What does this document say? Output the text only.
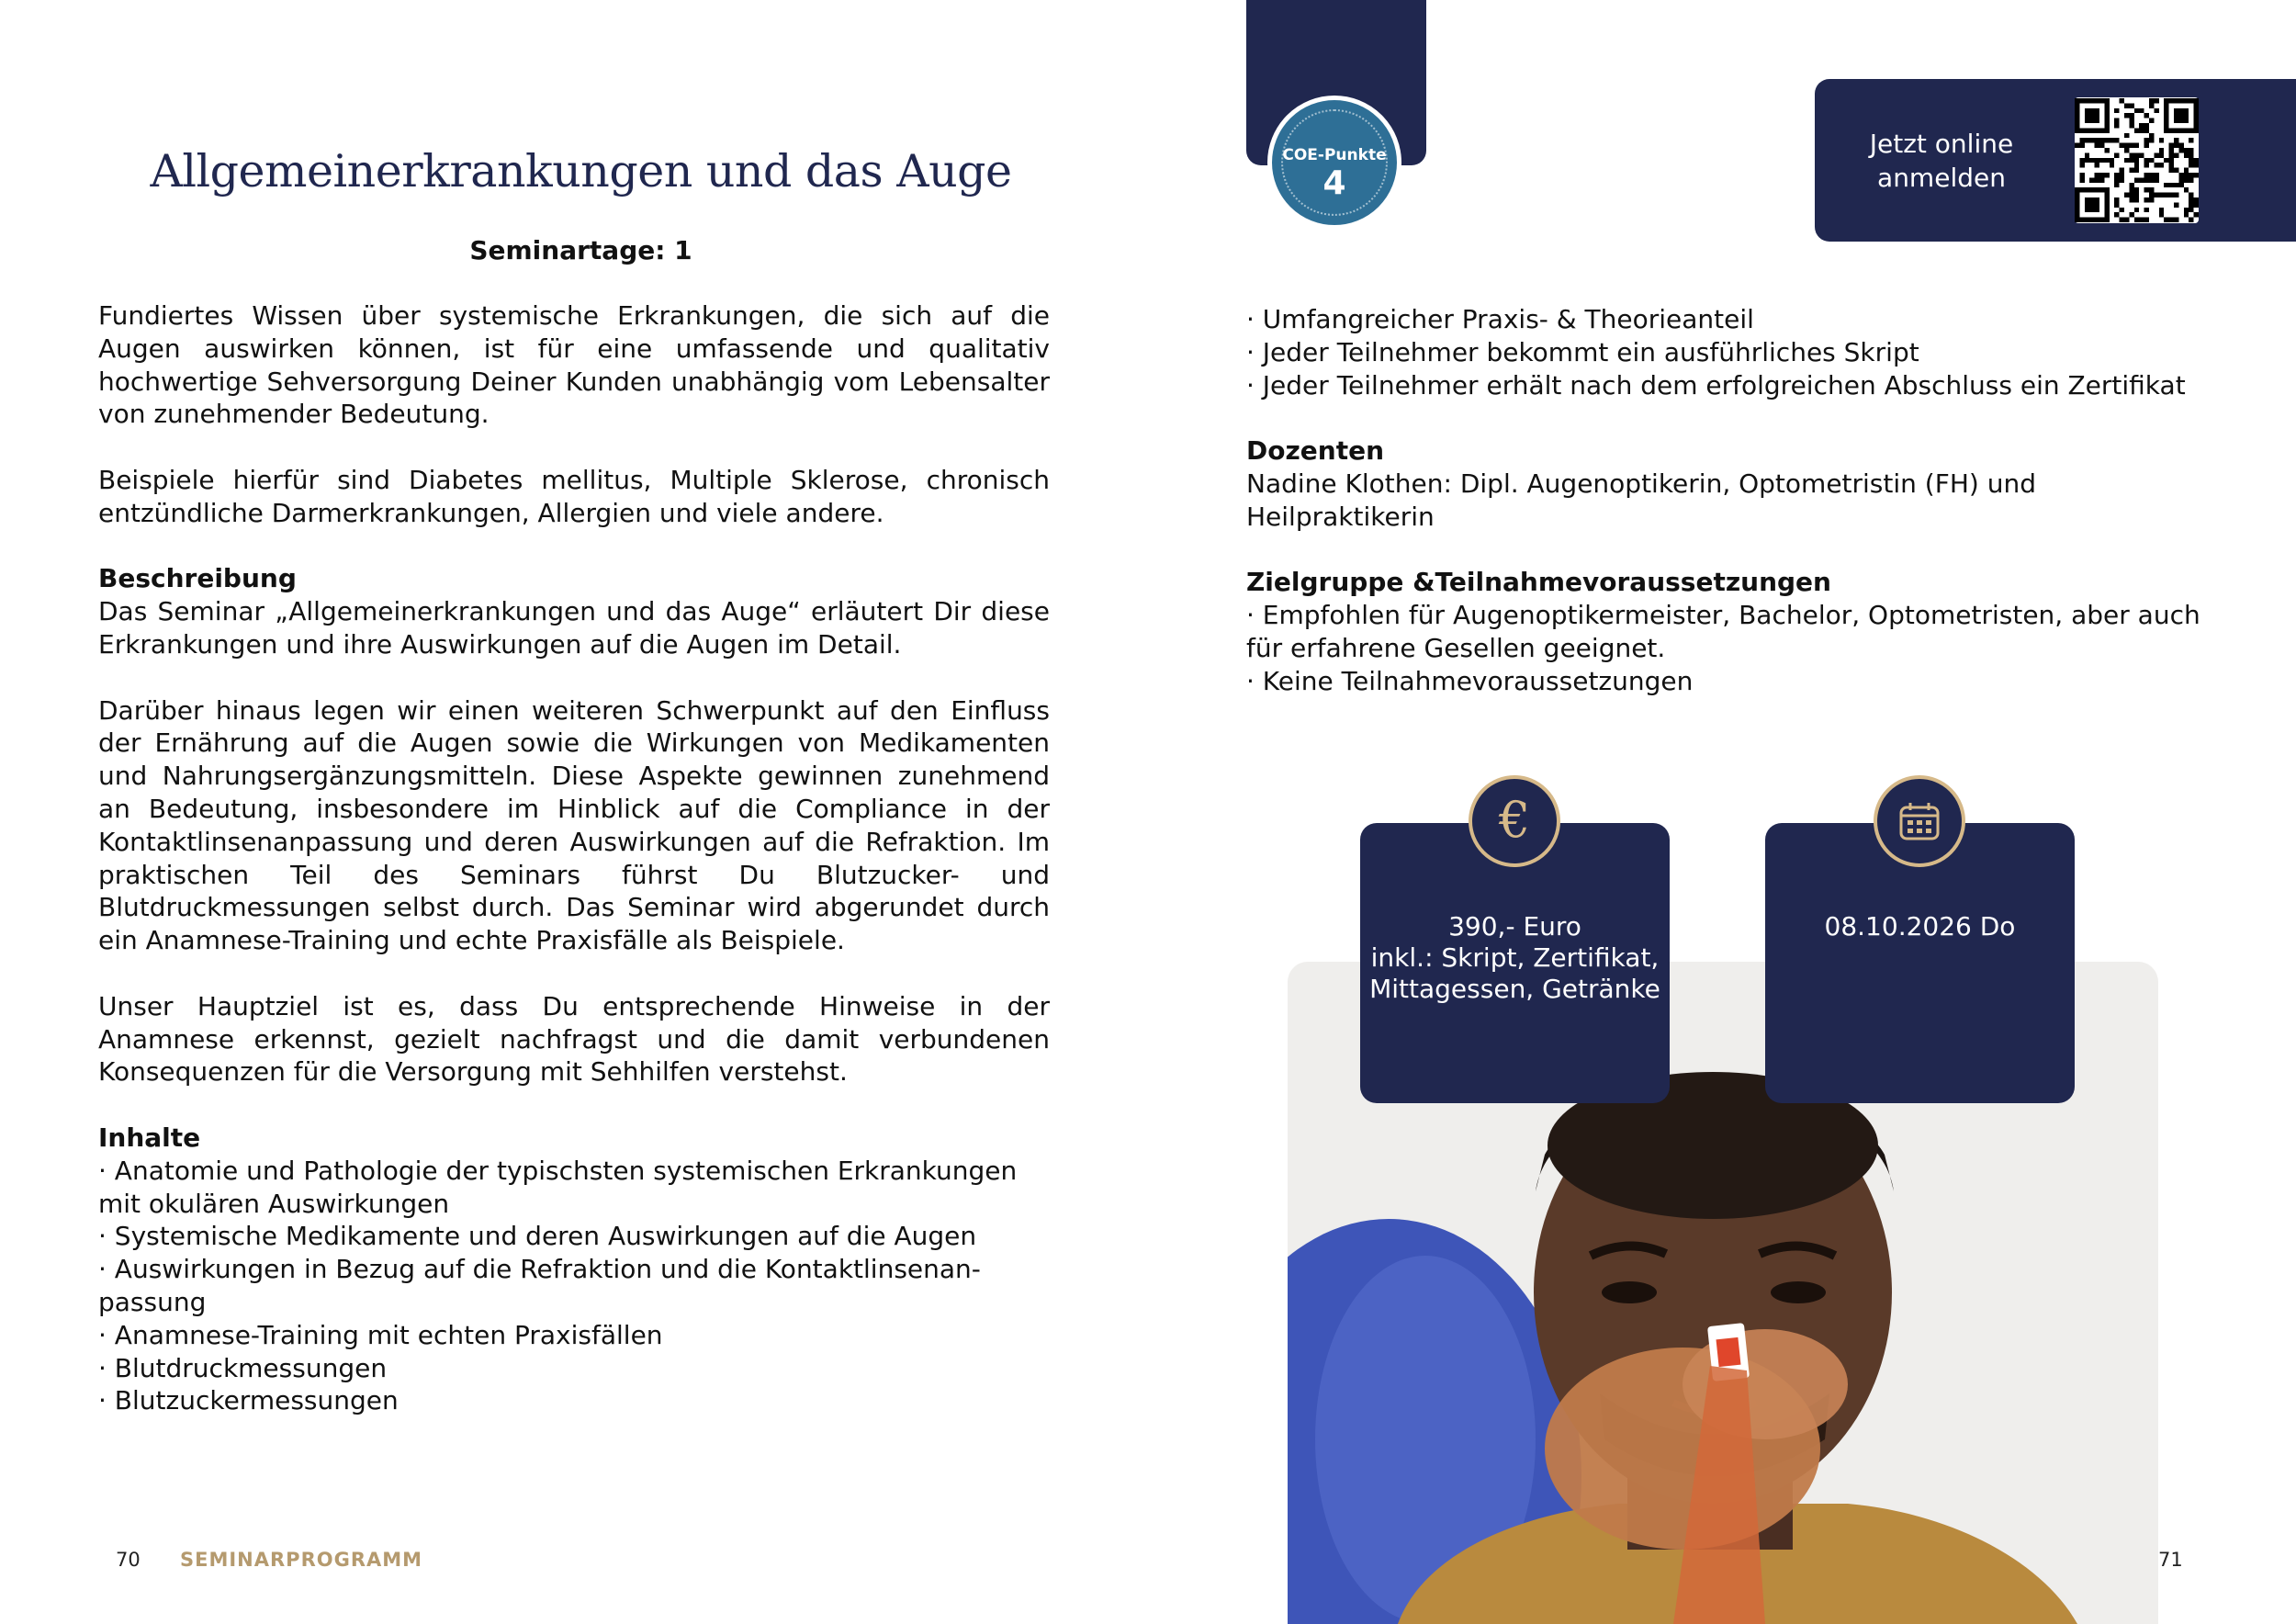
Allgemeinerkrankungen und das Auge
Seminartage: 1

Fundiertes Wissen über systemische Erkrankungen, die sich auf die Augen auswirken können, ist für eine umfassende und qualitativ hochwertige Sehversorgung Deiner Kunden unabhängig vom Lebensalter von zunehmender Bedeutung.

Beispiele hierfür sind Diabetes mellitus, Multiple Sklerose, chronisch entzündliche Darmerkrankungen, Allergien und viele andere.

Beschreibung

Das Seminar „Allgemeinerkrankungen und das Auge“ erläutert Dir diese Erkrankungen und ihre Auswirkungen auf die Augen im Detail.

Darüber hinaus legen wir einen weiteren Schwerpunkt auf den Einfluss der Ernährung auf die Augen sowie die Wirkungen von Medikamenten und Nahrungsergänzungsmitteln. Diese Aspekte gewinnen zunehmend an Bedeutung, insbesondere im Hinblick auf die Compliance in der Kontaktlinsenanpassung und deren Auswirkungen auf die Refraktion. Im praktischen Teil des Seminars führst Du Blutzucker- und Blutdruckmessungen selbst durch. Das Seminar wird abgerundet durch ein Anamnese-Training und echte Praxisfälle als Beispiele.

Unser Hauptziel ist es, dass Du entsprechende Hinweise in der Anamnese erkennst, gezielt nachfragst und die damit verbundenen Konsequenzen für die Versorgung mit Sehhilfen verstehst.

Inhalte
· Anatomie und Pathologie der typischsten systemischen Erkrankungen mit okulären Auswirkungen
· Systemische Medikamente und deren Auswirkungen auf die Augen
· Auswirkungen in Bezug auf die Refraktion und die Kontaktlinsenanpassung
· Anamnese-Training mit echten Praxisfällen
· Blutdruckmessungen
· Blutzuckermessungen
70 SEMINARPROGRAMM
COE-Punkte
4
Jetzt online anmelden
· Umfangreicher Praxis- & Theorieanteil
· Jeder Teilnehmer bekommt ein ausführliches Skript
· Jeder Teilnehmer erhält nach dem erfolgreichen Abschluss ein Zertifikat
Dozenten

Nadine Klothen: Dipl. Augenoptikerin, Optometristin (FH) und Heilpraktikerin

Zielgruppe &Teilnahmevoraussetzungen
· Empfohlen für Augenoptikermeister, Bachelor, Optometristen, aber auch für erfahrene Gesellen geeignet.
· Keine Teilnahmevoraussetzungen
390,- Euro
inkl.: Skript, Zertifikat,
Mittagessen, Getränke
€
08.10.2026 Do
71
